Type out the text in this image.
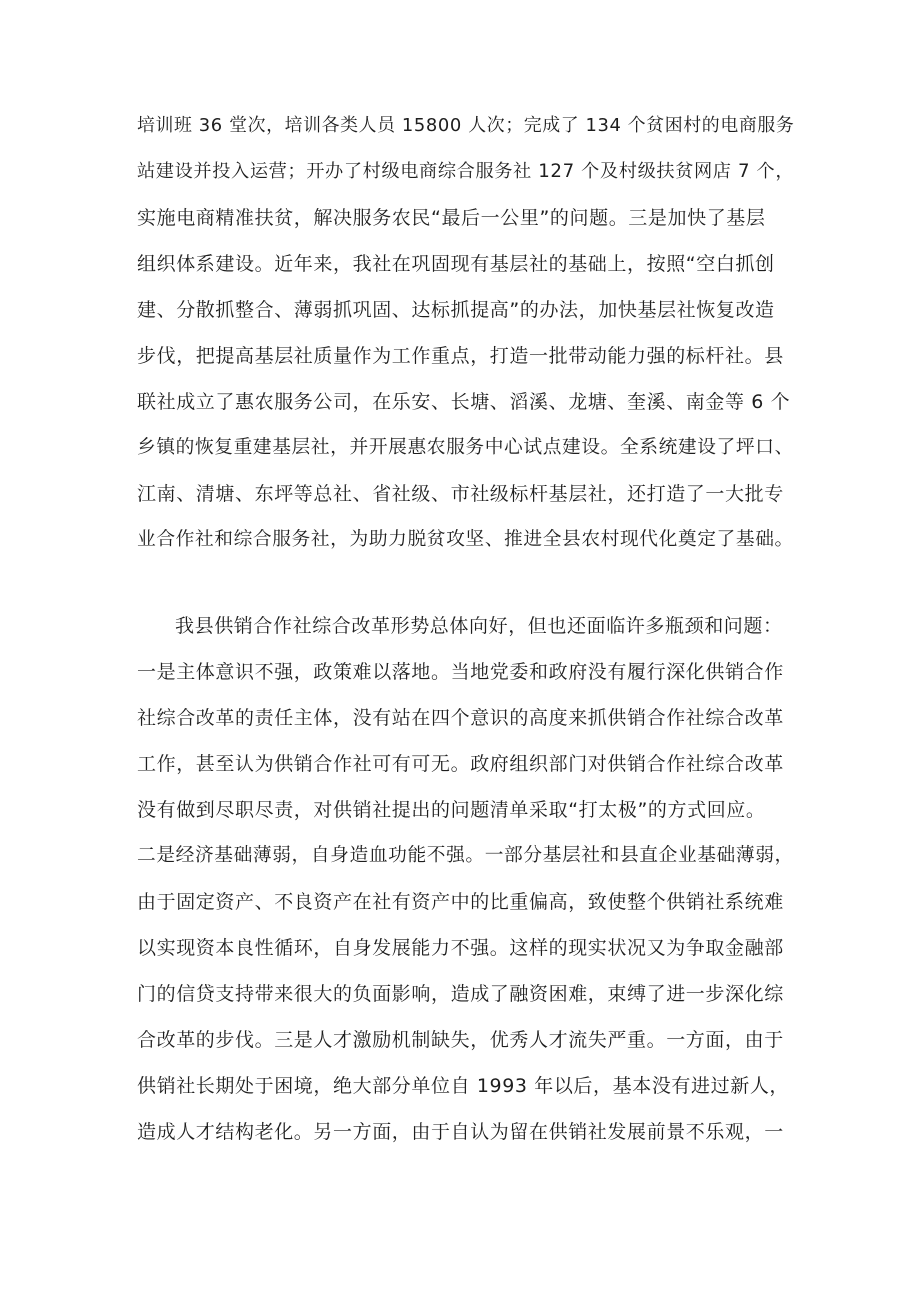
培训班 36 堂次，培训各类人员 15800 人次；完成了 134 个贫困村的电商服务
站建设并投入运营；开办了村级电商综合服务社 127 个及村级扶贫网店 7 个，
实施电商精准扶贫，解决服务农民“最后一公里”的问题。三是加快了基层
组织体系建设。近年来，我社在巩固现有基层社的基础上，按照“空白抓创
建、分散抓整合、薄弱抓巩固、达标抓提高”的办法，加快基层社恢复改造
步伐，把提高基层社质量作为工作重点，打造一批带动能力强的标杆社。县
联社成立了惠农服务公司，在乐安、长塘、滔溪、龙塘、奎溪、南金等 6 个
乡镇的恢复重建基层社，并开展惠农服务中心试点建设。全系统建设了坪口、
江南、清塘、东坪等总社、省社级、市社级标杆基层社，还打造了一大批专
业合作社和综合服务社，为助力脱贫攻坚、推进全县农村现代化奠定了基础。
我县供销合作社综合改革形势总体向好，但也还面临许多瓶颈和问题：
一是主体意识不强，政策难以落地。当地党委和政府没有履行深化供销合作
社综合改革的责任主体，没有站在四个意识的高度来抓供销合作社综合改革
工作，甚至认为供销合作社可有可无。政府组织部门对供销合作社综合改革
没有做到尽职尽责，对供销社提出的问题清单采取“打太极”的方式回应。
二是经济基础薄弱，自身造血功能不强。一部分基层社和县直企业基础薄弱，
由于固定资产、不良资产在社有资产中的比重偏高，致使整个供销社系统难
以实现资本良性循环，自身发展能力不强。这样的现实状况又为争取金融部
门的信贷支持带来很大的负面影响，造成了融资困难，束缚了进一步深化综
合改革的步伐。三是人才激励机制缺失，优秀人才流失严重。一方面，由于
供销社长期处于困境，绝大部分单位自 1993 年以后，基本没有进过新人，
造成人才结构老化。另一方面，由于自认为留在供销社发展前景不乐观，一
